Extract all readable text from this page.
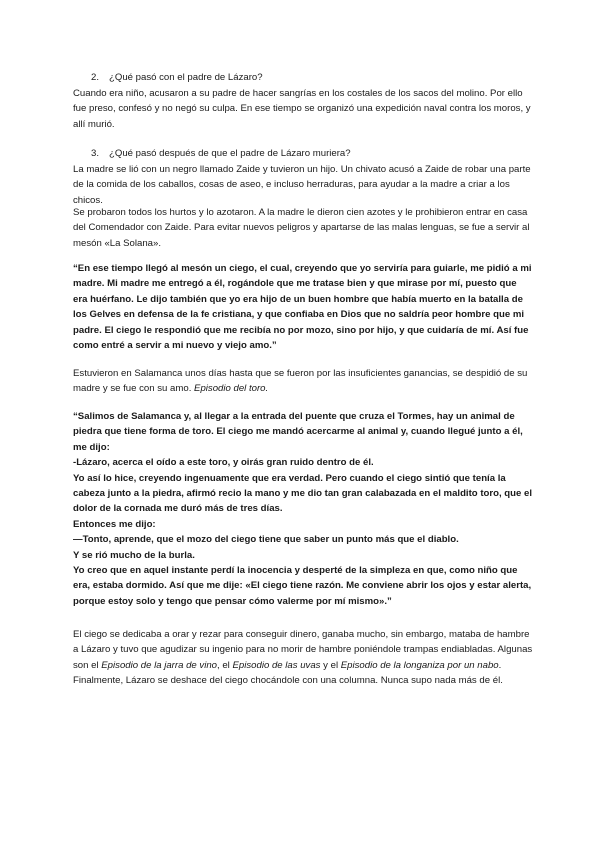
2. ¿Qué pasó con el padre de Lázaro?

Cuando era niño, acusaron a su padre de hacer sangrías en los costales de los sacos del molino. Por ello fue preso, confesó y no negó su culpa. En ese tiempo se organizó una expedición naval contra los moros, y allí murió.

3. ¿Qué pasó después de que el padre de Lázaro muriera?

La madre se lió con un negro llamado Zaide y tuvieron un hijo. Un chivato acusó a Zaide de robar una parte de la comida de los caballos, cosas de aseo, e incluso herraduras, para ayudar a la madre a criar a los chicos.

Se probaron todos los hurtos y lo azotaron. A la madre le dieron cien azotes y le prohibieron entrar en casa del Comendador con Zaide. Para evitar nuevos peligros y apartarse de las malas lenguas, se fue a servir al mesón «La Solana».

“En ese tiempo llegó al mesón un ciego, el cual, creyendo que yo serviría para guiarle, me pidió a mi madre. Mi madre me entregó a él, rogándole que me tratase bien y que mirase por mí, puesto que era huérfano. Le dijo también que yo era hijo de un buen hombre que había muerto en la batalla de los Gelves en defensa de la fe cristiana, y que confiaba en Dios que no saldría peor hombre que mi padre. El ciego le respondió que me recibía no por mozo, sino por hijo, y que cuidaría de mí. Así fue como entré a servir a mi nuevo y viejo amo.”

Estuvieron en Salamanca unos días hasta que se fueron por las insuficientes ganancias, se despidió de su madre y se fue con su amo. Episodio del toro.

“Salimos de Salamanca y, al llegar a la entrada del puente que cruza el Tormes, hay un animal de piedra que tiene forma de toro. El ciego me mandó acercarme al animal y, cuando llegué junto a él, me dijo:
-Lázaro, acerca el oído a este toro, y oirás gran ruido dentro de él.
Yo así lo hice, creyendo ingenuamente que era verdad. Pero cuando el ciego sintió que tenía la cabeza junto a la piedra, afirmó recio la mano y me dio tan gran calabazada en el maldito toro, que el dolor de la cornada me duró más de tres días.
Entonces me dijo:
—Tonto, aprende, que el mozo del ciego tiene que saber un punto más que el diablo.
Y se rió mucho de la burla.
Yo creo que en aquel instante perdí la inocencia y desperté de la simpleza en que, como niño que era, estaba dormido. Así que me dije: «El ciego tiene razón. Me conviene abrir los ojos y estar alerta, porque estoy solo y tengo que pensar cómo valerme por mí mismo».”

El ciego se dedicaba a orar y rezar para conseguir dinero, ganaba mucho, sin embargo, mataba de hambre a Lázaro y tuvo que agudizar su ingenio para no morir de hambre poniéndole trampas endiabladas. Algunas son el Episodio de la jarra de vino, el Episodio de las uvas y el Episodio de la longaniza por un nabo. Finalmente, Lázaro se deshace del ciego chocándole con una columna. Nunca supo nada más de él.
